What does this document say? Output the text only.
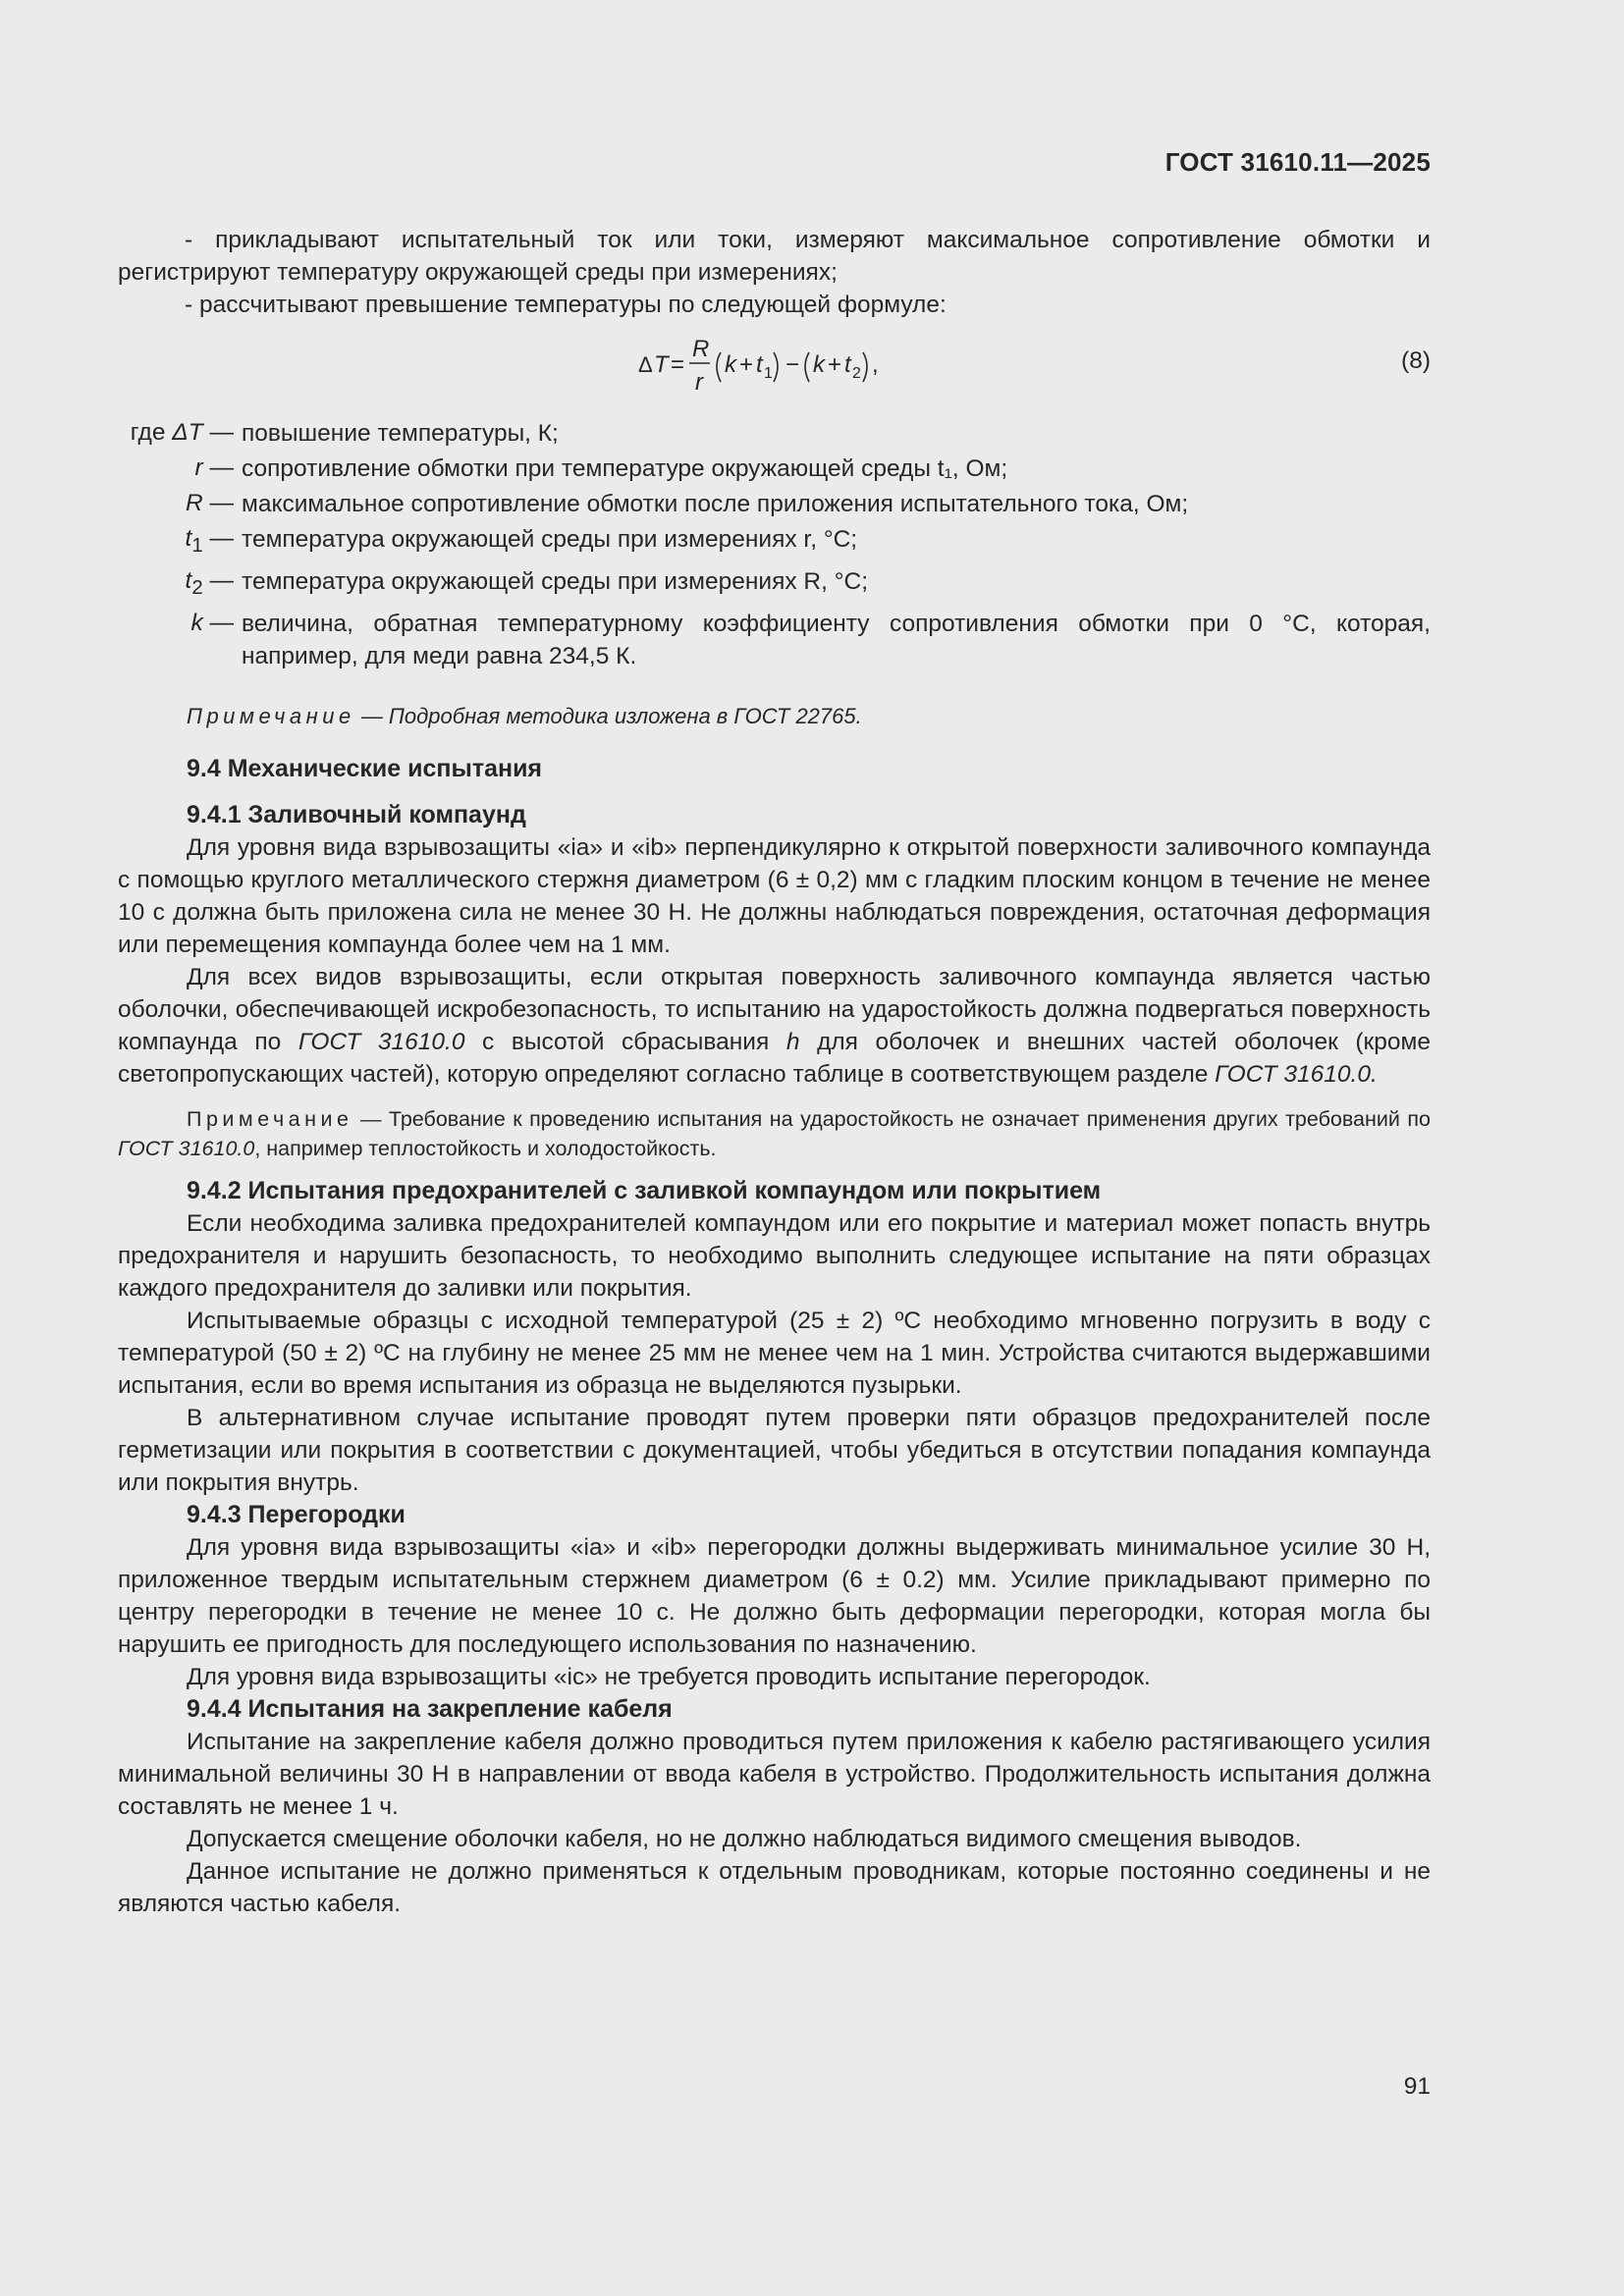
ГОСТ 31610.11—2025

- прикладывают испытательный ток или токи, измеряют максимальное сопротивление обмотки и регистрируют температуру окружающей среды при измерениях;

- рассчитывают превышение температуры по следующей формуле:

Δ T =
R
r
k + t 1 − k + t 2 ,	(8)
где ΔT — повышение температуры, К;
r — сопротивление обмотки при температуре окружающей среды t₁, Ом;
R — максимальное сопротивление обмотки после приложения испытательного тока, Ом;
$t_1$ — температура окружающей среды при измерениях r, °C;
$t_2$ — температура окружающей среды при измерениях R, °C;
k — величина, обратная температурному коэффициенту сопротивления обмотки при 0 °C, которая, например, для меди равна 234,5 К.

Примечание — Подробная методика изложена в ГОСТ 22765.

9.4 Механические испытания

9.4.1 Заливочный компаунд

Для уровня вида взрывозащиты «ia» и «ib» перпендикулярно к открытой поверхности заливочного компаунда с помощью круглого металлического стержня диаметром (6 ± 0,2) мм с гладким плоским концом в течение не менее 10 с должна быть приложена сила не менее 30 Н. Не должны наблюдаться повреждения, остаточная деформация или перемещения компаунда более чем на 1 мм.

Для всех видов взрывозащиты, если открытая поверхность заливочного компаунда является частью оболочки, обеспечивающей искробезопасность, то испытанию на ударостойкость должна подвергаться поверхность компаунда по ГОСТ 31610.0 с высотой сбрасывания h для оболочек и внешних частей оболочек (кроме светопропускающих частей), которую определяют согласно таблице в соответствующем разделе ГОСТ 31610.0.

Примечание — Требование к проведению испытания на ударостойкость не означает применения других требований по ГОСТ 31610.0, например теплостойкость и холодостойкость.

9.4.2 Испытания предохранителей с заливкой компаундом или покрытием

Если необходима заливка предохранителей компаундом или его покрытие и материал может попасть внутрь предохранителя и нарушить безопасность, то необходимо выполнить следующее испытание на пяти образцах каждого предохранителя до заливки или покрытия.

Испытываемые образцы с исходной температурой (25 ± 2) ºC необходимо мгновенно погрузить в воду с температурой (50 ± 2) ºC на глубину не менее 25 мм не менее чем на 1 мин. Устройства считаются выдержавшими испытания, если во время испытания из образца не выделяются пузырьки.

В альтернативном случае испытание проводят путем проверки пяти образцов предохранителей после герметизации или покрытия в соответствии с документацией, чтобы убедиться в отсутствии попадания компаунда или покрытия внутрь.

9.4.3 Перегородки

Для уровня вида взрывозащиты «ia» и «ib» перегородки должны выдерживать минимальное усилие 30 Н, приложенное твердым испытательным стержнем диаметром (6 ± 0.2) мм. Усилие прикладывают примерно по центру перегородки в течение не менее 10 с. Не должно быть деформации перегородки, которая могла бы нарушить ее пригодность для последующего использования по назначению.

Для уровня вида взрывозащиты «ic» не требуется проводить испытание перегородок.

9.4.4 Испытания на закрепление кабеля

Испытание на закрепление кабеля должно проводиться путем приложения к кабелю растягивающего усилия минимальной величины 30 Н в направлении от ввода кабеля в устройство. Продолжительность испытания должна составлять не менее 1 ч.

Допускается смещение оболочки кабеля, но не должно наблюдаться видимого смещения выводов.

Данное испытание не должно применяться к отдельным проводникам, которые постоянно соединены и не являются частью кабеля.

91
